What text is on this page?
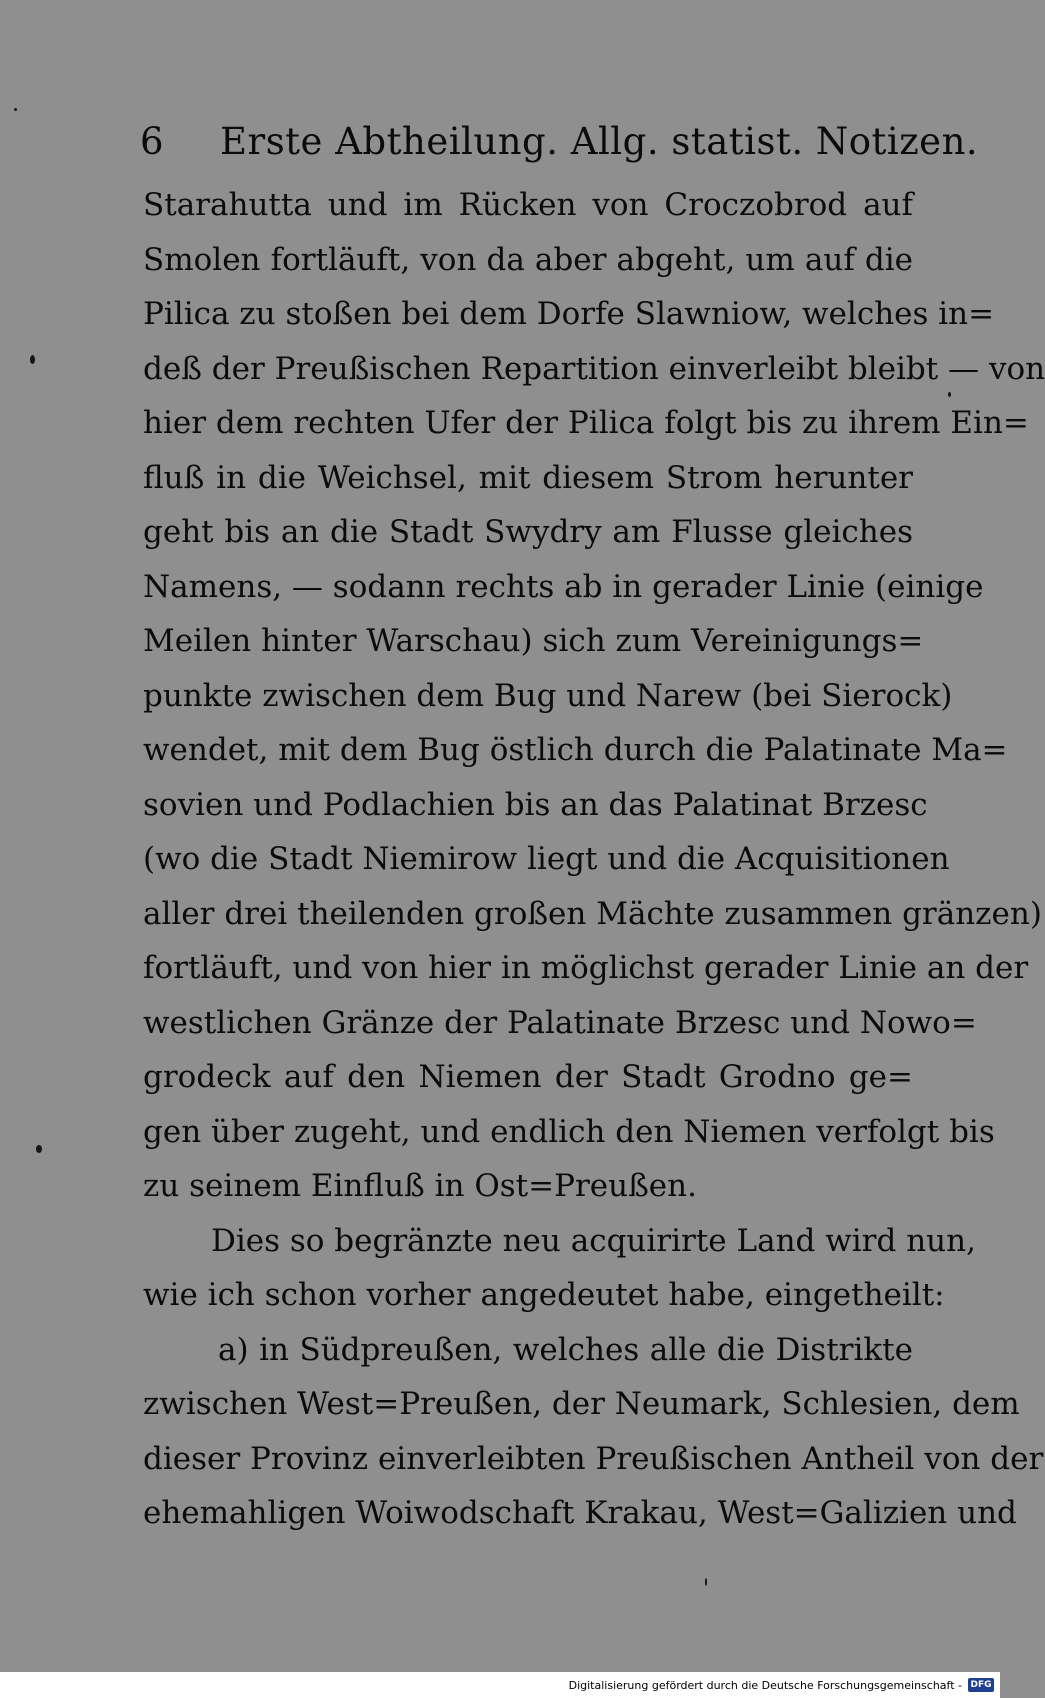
6 Erste Abtheilung. Allg. statist. Notizen.
Starahutta und im Rücken von Croczobrod auf
Smolen fortläuft, von da aber abgeht, um auf die
Pilica zu stoßen bei dem Dorfe Slawniow, welches in=
deß der Preußischen Repartition einverleibt bleibt — von
hier dem rechten Ufer der Pilica folgt bis zu ihrem Ein=
fluß in die Weichsel, mit diesem Strom herunter
geht bis an die Stadt Swydry am Flusse gleiches
Namens, — sodann rechts ab in gerader Linie (einige
Meilen hinter Warschau) sich zum Vereinigungs=
punkte zwischen dem Bug und Narew (bei Sierock)
wendet, mit dem Bug östlich durch die Palatinate Ma=
sovien und Podlachien bis an das Palatinat Brzesc
(wo die Stadt Niemirow liegt und die Acquisitionen
aller drei theilenden großen Mächte zusammen gränzen)
fortläuft, und von hier in möglichst gerader Linie an der
westlichen Gränze der Palatinate Brzesc und Nowo=
grodeck auf den Niemen der Stadt Grodno ge=
gen über zugeht, und endlich den Niemen verfolgt bis
zu seinem Einfluß in Ost=Preußen.
Dies so begränzte neu acquirirte Land wird nun,
wie ich schon vorher angedeutet habe, eingetheilt:
a) in Südpreußen, welches alle die Distrikte
zwischen West=Preußen, der Neumark, Schlesien, dem
dieser Provinz einverleibten Preußischen Antheil von der
ehemahligen Woiwodschaft Krakau, West=Galizien und
Digitalisierung gefördert durch die Deutsche Forschungsgemeinschaft - DFG
